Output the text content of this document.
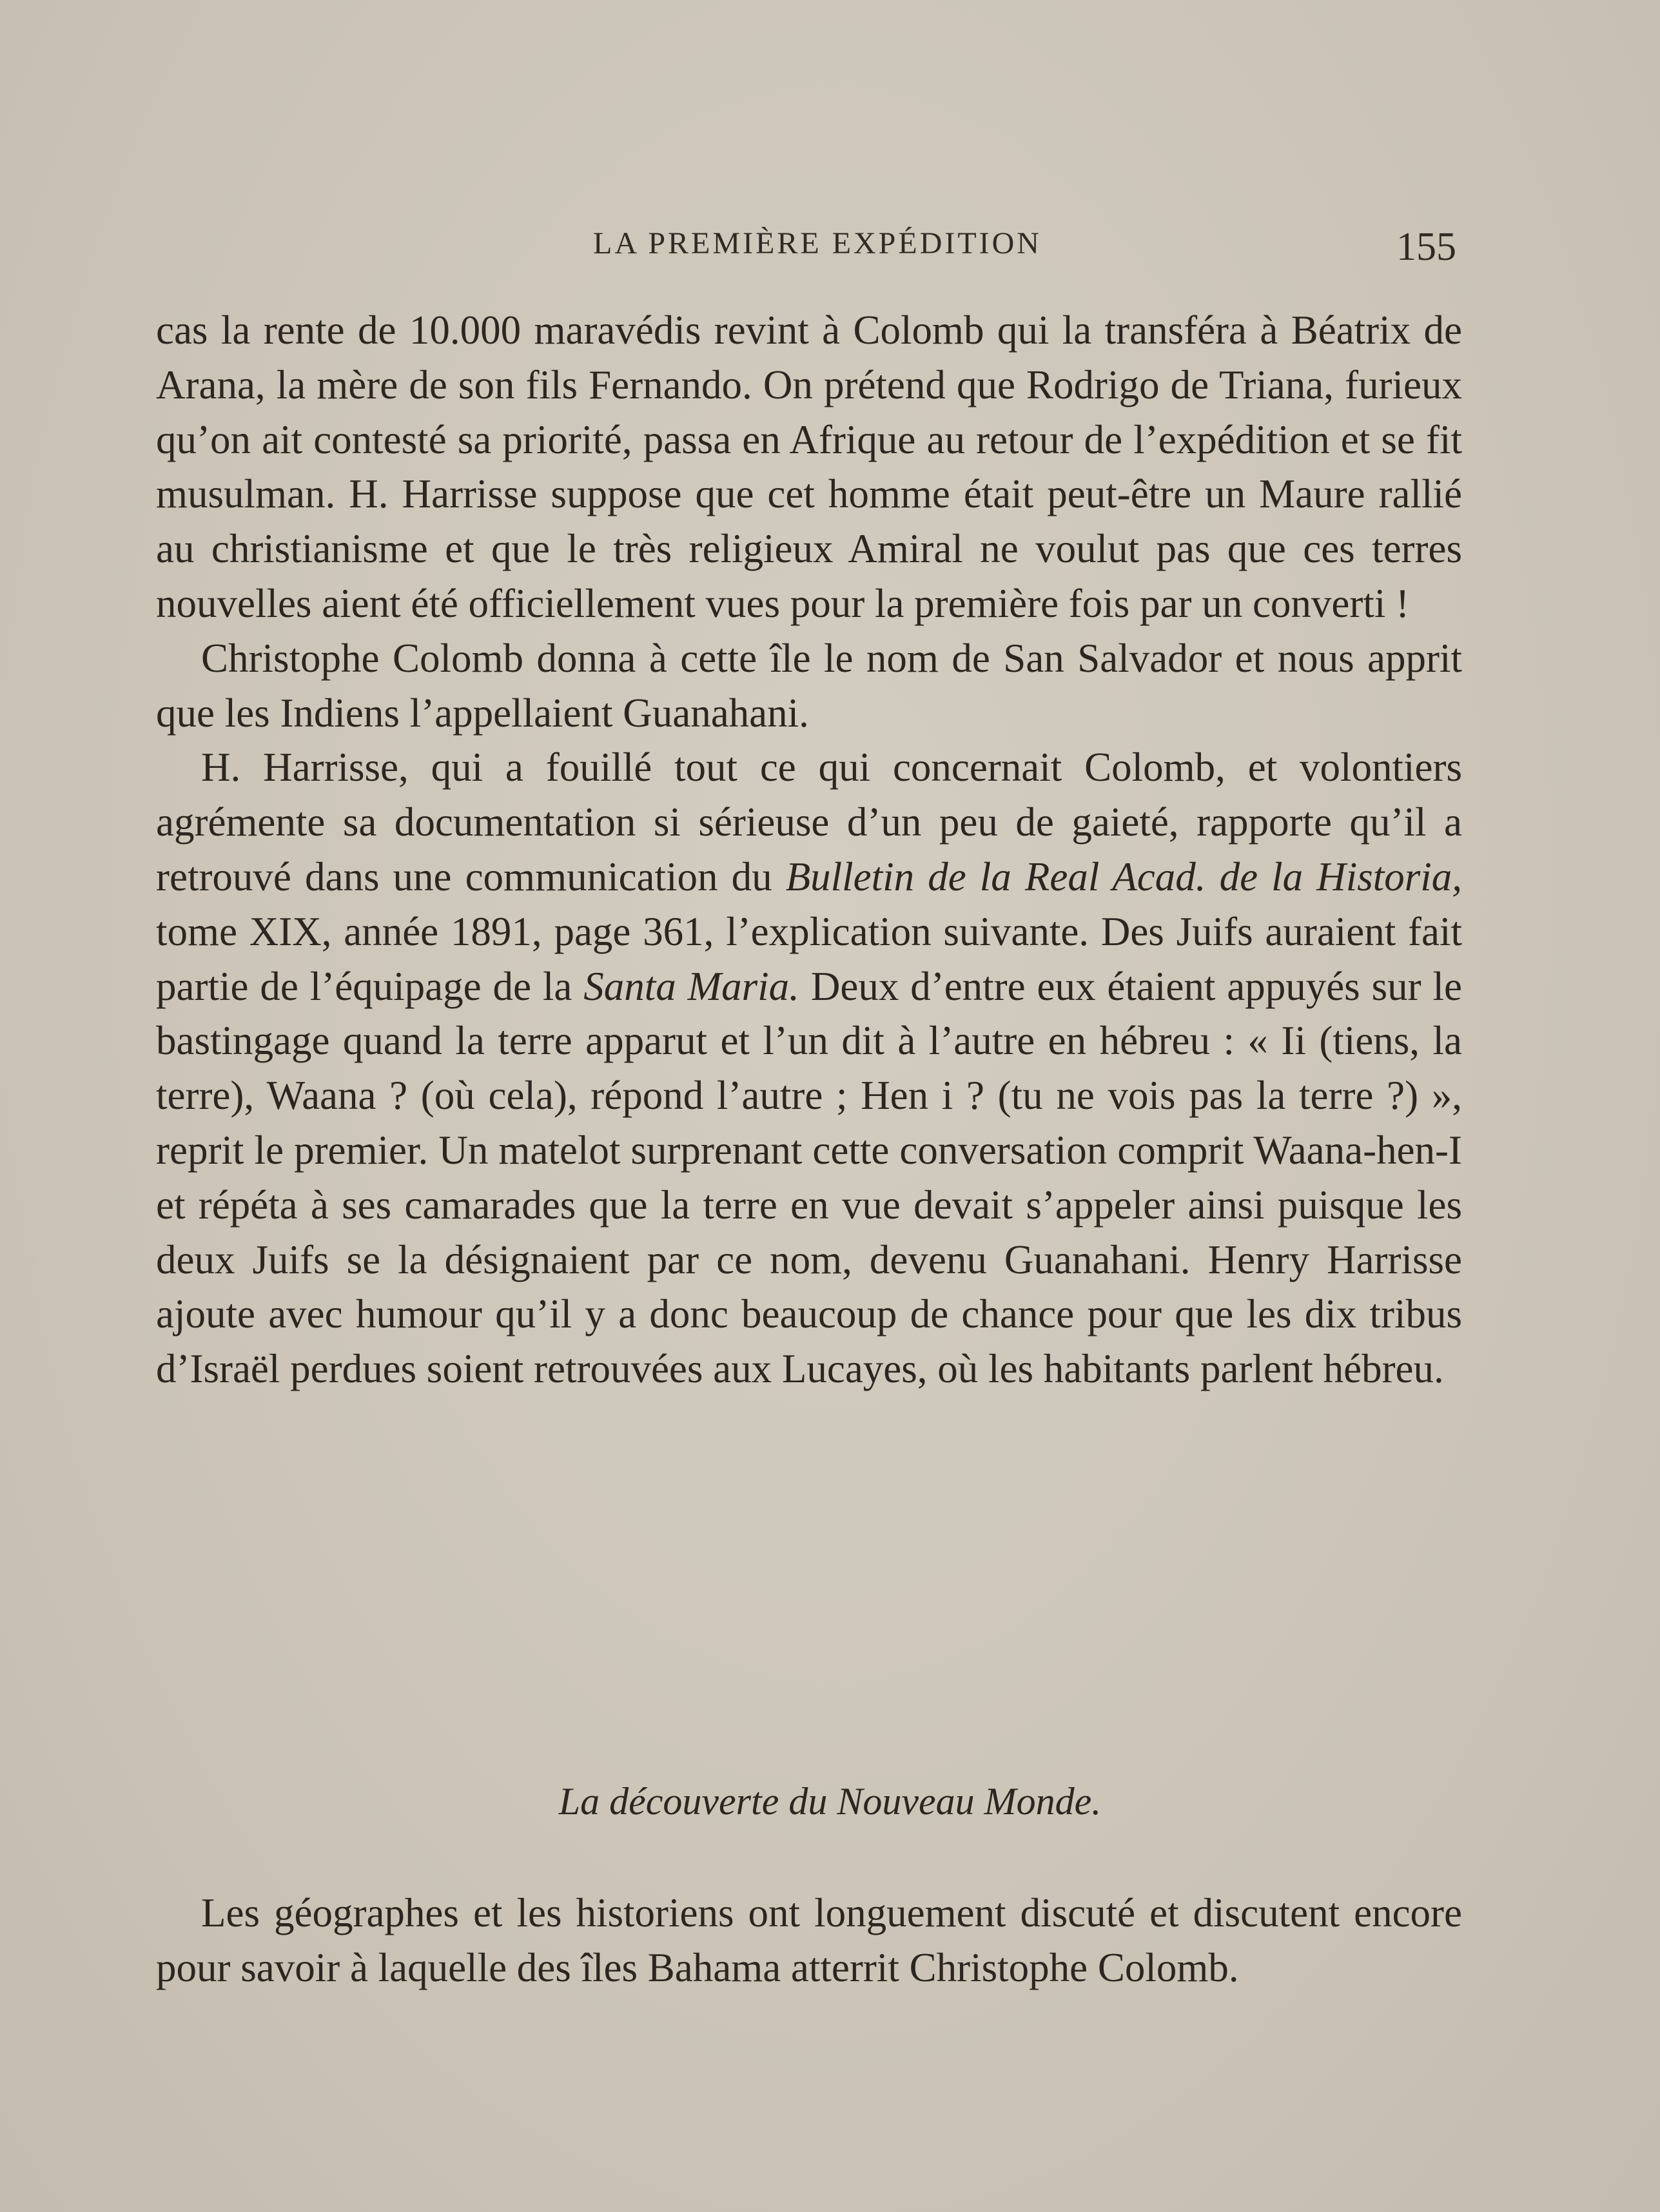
LA PREMIÈRE EXPÉDITION	155

cas la rente de 10.000 maravédis revint à Colomb qui la transféra à Béatrix de Arana, la mère de son fils Fernando. On prétend que Rodrigo de Triana, furieux qu’on ait contesté sa priorité, passa en Afrique au retour de l’expédition et se fit musulman. H. Harrisse suppose que cet homme était peut-être un Maure rallié au christianisme et que le très religieux Amiral ne voulut pas que ces terres nouvelles aient été officiellement vues pour la première fois par un converti !

Christophe Colomb donna à cette île le nom de San Salvador et nous apprit que les Indiens l’appellaient Guanahani.

H. Harrisse, qui a fouillé tout ce qui concernait Colomb, et volontiers agrémente sa documentation si sérieuse d’un peu de gaieté, rapporte qu’il a retrouvé dans une communication du Bulletin de la Real Acad. de la Historia, tome XIX, année 1891, page 361, l’explication suivante. Des Juifs auraient fait partie de l’équipage de la Santa Maria. Deux d’entre eux étaient appuyés sur le bastingage quand la terre apparut et l’un dit à l’autre en hébreu : « Ii (tiens, la terre), Waana ? (où cela), répond l’autre ; Hen i ? (tu ne vois pas la terre ?) », reprit le premier. Un matelot surprenant cette conversation comprit Waana-hen-I et répéta à ses camarades que la terre en vue devait s’appeler ainsi puisque les deux Juifs se la désignaient par ce nom, devenu Guanahani. Henry Harrisse ajoute avec humour qu’il y a donc beaucoup de chance pour que les dix tribus d’Israël perdues soient retrouvées aux Lucayes, où les habitants parlent hébreu.

La découverte du Nouveau Monde.

Les géographes et les historiens ont longuement discuté et discutent encore pour savoir à laquelle des îles Bahama atterrit Christophe Colomb.
